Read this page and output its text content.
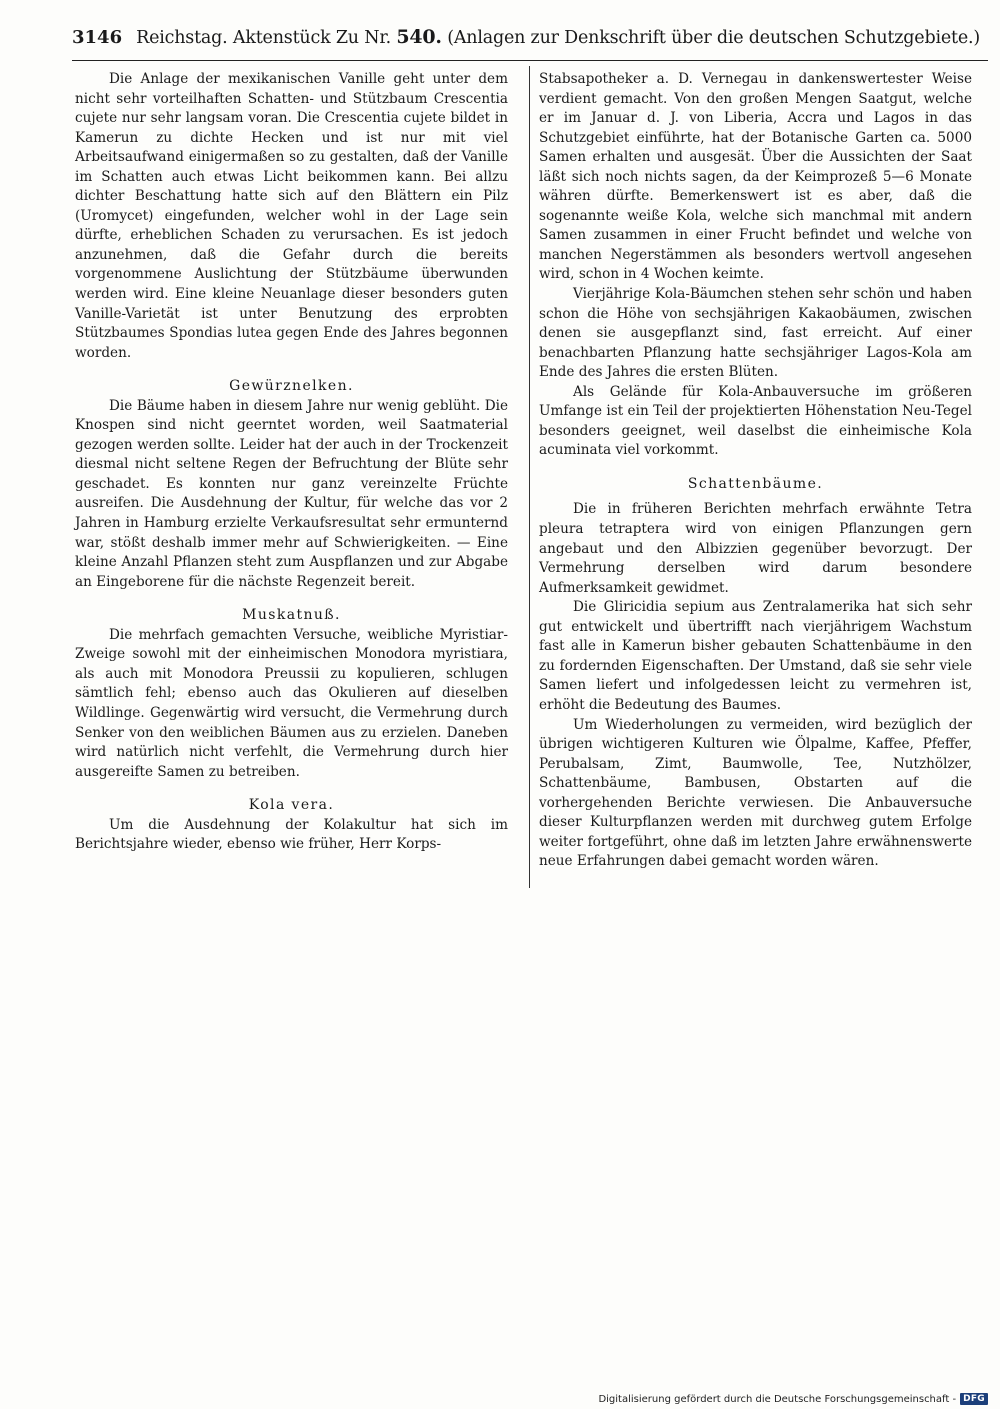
3146 Reichstag. Aktenstück Zu Nr. 540. (Anlagen zur Denkschrift über die deutschen Schutzgebiete.)

Die Anlage der mexikanischen Vanille geht unter dem nicht sehr vorteilhaften Schatten- und Stützbaum Crescentia cujete nur sehr langsam voran. Die Crescentia cujete bildet in Kamerun zu dichte Hecken und ist nur mit viel Arbeitsaufwand einigermaßen so zu gestalten, daß der Vanille im Schatten auch etwas Licht beikommen kann. Bei allzu dichter Beschattung hatte sich auf den Blättern ein Pilz (Uromycet) eingefunden, welcher wohl in der Lage sein dürfte, erheblichen Schaden zu verursachen. Es ist jedoch anzunehmen, daß die Gefahr durch die bereits vorgenommene Auslichtung der Stützbäume überwunden werden wird. Eine kleine Neuanlage dieser besonders guten Vanille-Varietät ist unter Benutzung des erprobten Stützbaumes Spondias lutea gegen Ende des Jahres begonnen worden.

Gewürznelken.

Die Bäume haben in diesem Jahre nur wenig geblüht. Die Knospen sind nicht geerntet worden, weil Saatmaterial gezogen werden sollte. Leider hat der auch in der Trockenzeit diesmal nicht seltene Regen der Befruchtung der Blüte sehr geschadet. Es konnten nur ganz vereinzelte Früchte ausreifen. Die Ausdehnung der Kultur, für welche das vor 2 Jahren in Hamburg erzielte Verkaufsresultat sehr ermunternd war, stößt deshalb immer mehr auf Schwierigkeiten. — Eine kleine Anzahl Pflanzen steht zum Auspflanzen und zur Abgabe an Eingeborene für die nächste Regenzeit bereit.

Muskatnuß.

Die mehrfach gemachten Versuche, weibliche Myristiar-Zweige sowohl mit der einheimischen Monodora myristiara, als auch mit Monodora Preussii zu kopulieren, schlugen sämtlich fehl; ebenso auch das Okulieren auf dieselben Wildlinge. Gegenwärtig wird versucht, die Vermehrung durch Senker von den weiblichen Bäumen aus zu erzielen. Daneben wird natürlich nicht verfehlt, die Vermehrung durch hier ausgereifte Samen zu betreiben.

Kola vera.

Um die Ausdehnung der Kolakultur hat sich im Berichtsjahre wieder, ebenso wie früher, Herr Korps-

Stabsapotheker a. D. Vernegau in dankenswertester Weise verdient gemacht. Von den großen Mengen Saatgut, welche er im Januar d. J. von Liberia, Accra und Lagos in das Schutzgebiet einführte, hat der Botanische Garten ca. 5000 Samen erhalten und ausgesät. Über die Aussichten der Saat läßt sich noch nichts sagen, da der Keimprozeß 5—6 Monate währen dürfte. Bemerkenswert ist es aber, daß die sogenannte weiße Kola, welche sich manchmal mit andern Samen zusammen in einer Frucht befindet und welche von manchen Negerstämmen als besonders wertvoll angesehen wird, schon in 4 Wochen keimte.

Vierjährige Kola-Bäumchen stehen sehr schön und haben schon die Höhe von sechsjährigen Kakaobäumen, zwischen denen sie ausgepflanzt sind, fast erreicht. Auf einer benachbarten Pflanzung hatte sechsjähriger Lagos-Kola am Ende des Jahres die ersten Blüten.

Als Gelände für Kola-Anbauversuche im größeren Umfange ist ein Teil der projektierten Höhenstation Neu-Tegel besonders geeignet, weil daselbst die einheimische Kola acuminata viel vorkommt.

Schattenbäume.

Die in früheren Berichten mehrfach erwähnte Tetra pleura tetraptera wird von einigen Pflanzungen gern angebaut und den Albizzien gegenüber bevorzugt. Der Vermehrung derselben wird darum besondere Aufmerksamkeit gewidmet.

Die Gliricidia sepium aus Zentralamerika hat sich sehr gut entwickelt und übertrifft nach vierjährigem Wachstum fast alle in Kamerun bisher gebauten Schattenbäume in den zu fordernden Eigenschaften. Der Umstand, daß sie sehr viele Samen liefert und infolgedessen leicht zu vermehren ist, erhöht die Bedeutung des Baumes.

Um Wiederholungen zu vermeiden, wird bezüglich der übrigen wichtigeren Kulturen wie Ölpalme, Kaffee, Pfeffer, Perubalsam, Zimt, Baumwolle, Tee, Nutzhölzer, Schattenbäume, Bambusen, Obstarten auf die vorhergehenden Berichte verwiesen. Die Anbauversuche dieser Kulturpflanzen werden mit durchweg gutem Erfolge weiter fortgeführt, ohne daß im letzten Jahre erwähnenswerte neue Erfahrungen dabei gemacht worden wären.

Digitalisierung gefördert durch die Deutsche Forschungsgemeinschaft - DFG
